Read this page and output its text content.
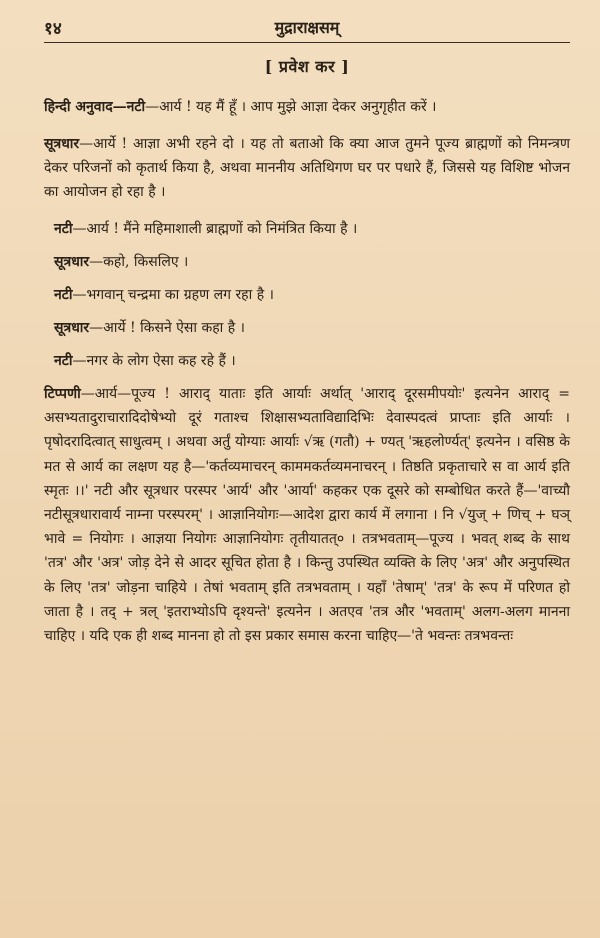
१४	मुद्राराक्षसम्
[ प्रवेश कर ]

हिन्दी अनुवाद—नटी—आर्य ! यह मैं हूँ । आप मुझे आज्ञा देकर अनुगृहीत करें ।

सूत्रधार—आर्ये ! आज्ञा अभी रहने दो । यह तो बताओ कि क्या आज तुमने पूज्य ब्राह्मणों को निमन्त्रण देकर परिजनों को कृतार्थ किया है, अथवा माननीय अतिथिगण घर पर पधारे हैं, जिससे यह विशिष्ट भोजन का आयोजन हो रहा है ।

नटी—आर्य ! मैंने महिमाशाली ब्राह्मणों को निमंत्रित किया है ।

सूत्रधार—कहो, किसलिए ।

नटी—भगवान् चन्द्रमा का ग्रहण लग रहा है ।

सूत्रधार—आर्ये ! किसने ऐसा कहा है ।

नटी—नगर के लोग ऐसा कह रहे हैं ।

टिप्पणी—आर्य—पूज्य ! आराद् याताः इति आर्याः अर्थात् 'आराद् दूरसमीपयोः' इत्यनेन आराद् = असभ्यतादुराचारादिदोषेभ्यो दूरं गताश्च शिक्षासभ्यताविद्यादिभिः देवास्पदत्वं प्राप्ताः इति आर्याः । पृषोदरादित्वात् साधुत्वम् । अथवा अर्तुं योग्याः आर्याः √ऋ (गतौ) + ण्यत् 'ऋहलोर्ण्यत्' इत्यनेन । वसिष्ठ के मत से आर्य का लक्षण यह है—'कर्तव्यमाचरन् काममकर्तव्यमनाचरन् । तिष्ठति प्रकृताचारे स वा आर्य इति स्मृतः ।।' नटी और सूत्रधार परस्पर 'आर्य' और 'आर्या' कहकर एक दूसरे को सम्बोधित करते हैं—'वाच्यौ नटीसूत्रधारावार्य नाम्ना परस्परम्' । आज्ञानियोगः—आदेश द्वारा कार्य में लगाना । नि √युज् + णिच् + घञ् भावे = नियोगः । आज्ञया नियोगः आज्ञानियोगः तृतीयातत्० । तत्रभवताम्—पूज्य । भवत् शब्द के साथ 'तत्र' और 'अत्र' जोड़ देने से आदर सूचित होता है । किन्तु उपस्थित व्यक्ति के लिए 'अत्र' और अनुपस्थित के लिए 'तत्र' जोड़ना चाहिये । तेषां भवताम् इति तत्रभवताम् । यहाँ 'तेषाम्' 'तत्र' के रूप में परिणत हो जाता है । तद् + त्रल् 'इतराभ्योऽपि दृश्यन्ते' इत्यनेन । अतएव 'तत्र और 'भवताम्' अलग-अलग मानना चाहिए । यदि एक ही शब्द मानना हो तो इस प्रकार समास करना चाहिए—'ते भवन्तः तत्रभवन्तः
